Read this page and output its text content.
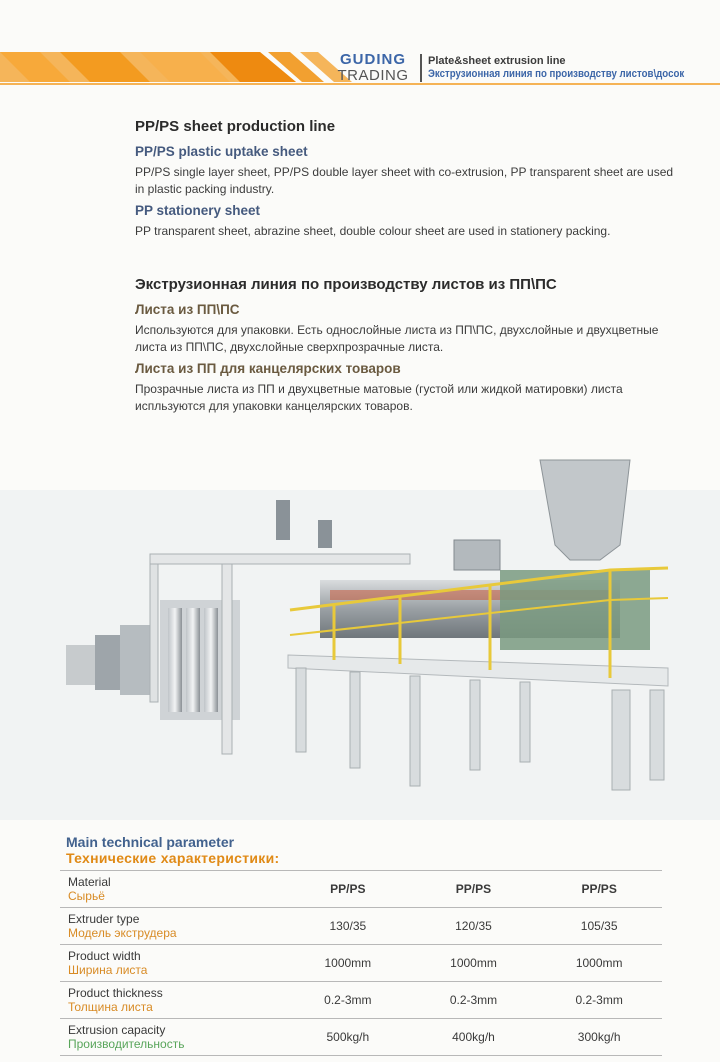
GUDING
TRADING
Plate&sheet extrusion line
Экструзионная линия по производству листов\досок
PP/PS sheet production line
PP/PS plastic uptake sheet

PP/PS single layer sheet, PP/PS double layer sheet with co-extrusion, PP transparent sheet are used in plastic packing industry.

PP stationery sheet

PP transparent sheet, abrazine sheet, double colour sheet are used in stationery packing.

Экструзионная линия по производству листов из ПП\ПС
Листа из ПП\ПС

Используются для упаковки. Есть однослойные листа из ПП\ПС, двухслойные и двухцветные листа из ПП\ПС, двухслойные сверхпрозрачные листа.

Листа из ПП для канцелярских товаров

Прозрачные листа из ПП и двухцветные матовые (густой или жидкой матировки) листа испльзуются для упаковки канцелярских товаров.

Main technical parameter
Технические характеристики:
Material
Сырьё	PP/PS	PP/PS	PP/PS

Extruder type
Модель экструдера	130/35	120/35	105/35

Product width
Ширина листа	1000mm	1000mm	1000mm

Product thickness
Толщина листа	0.2-3mm	0.2-3mm	0.2-3mm

Extrusion capacity
Производительность	500kg/h	400kg/h	300kg/h
